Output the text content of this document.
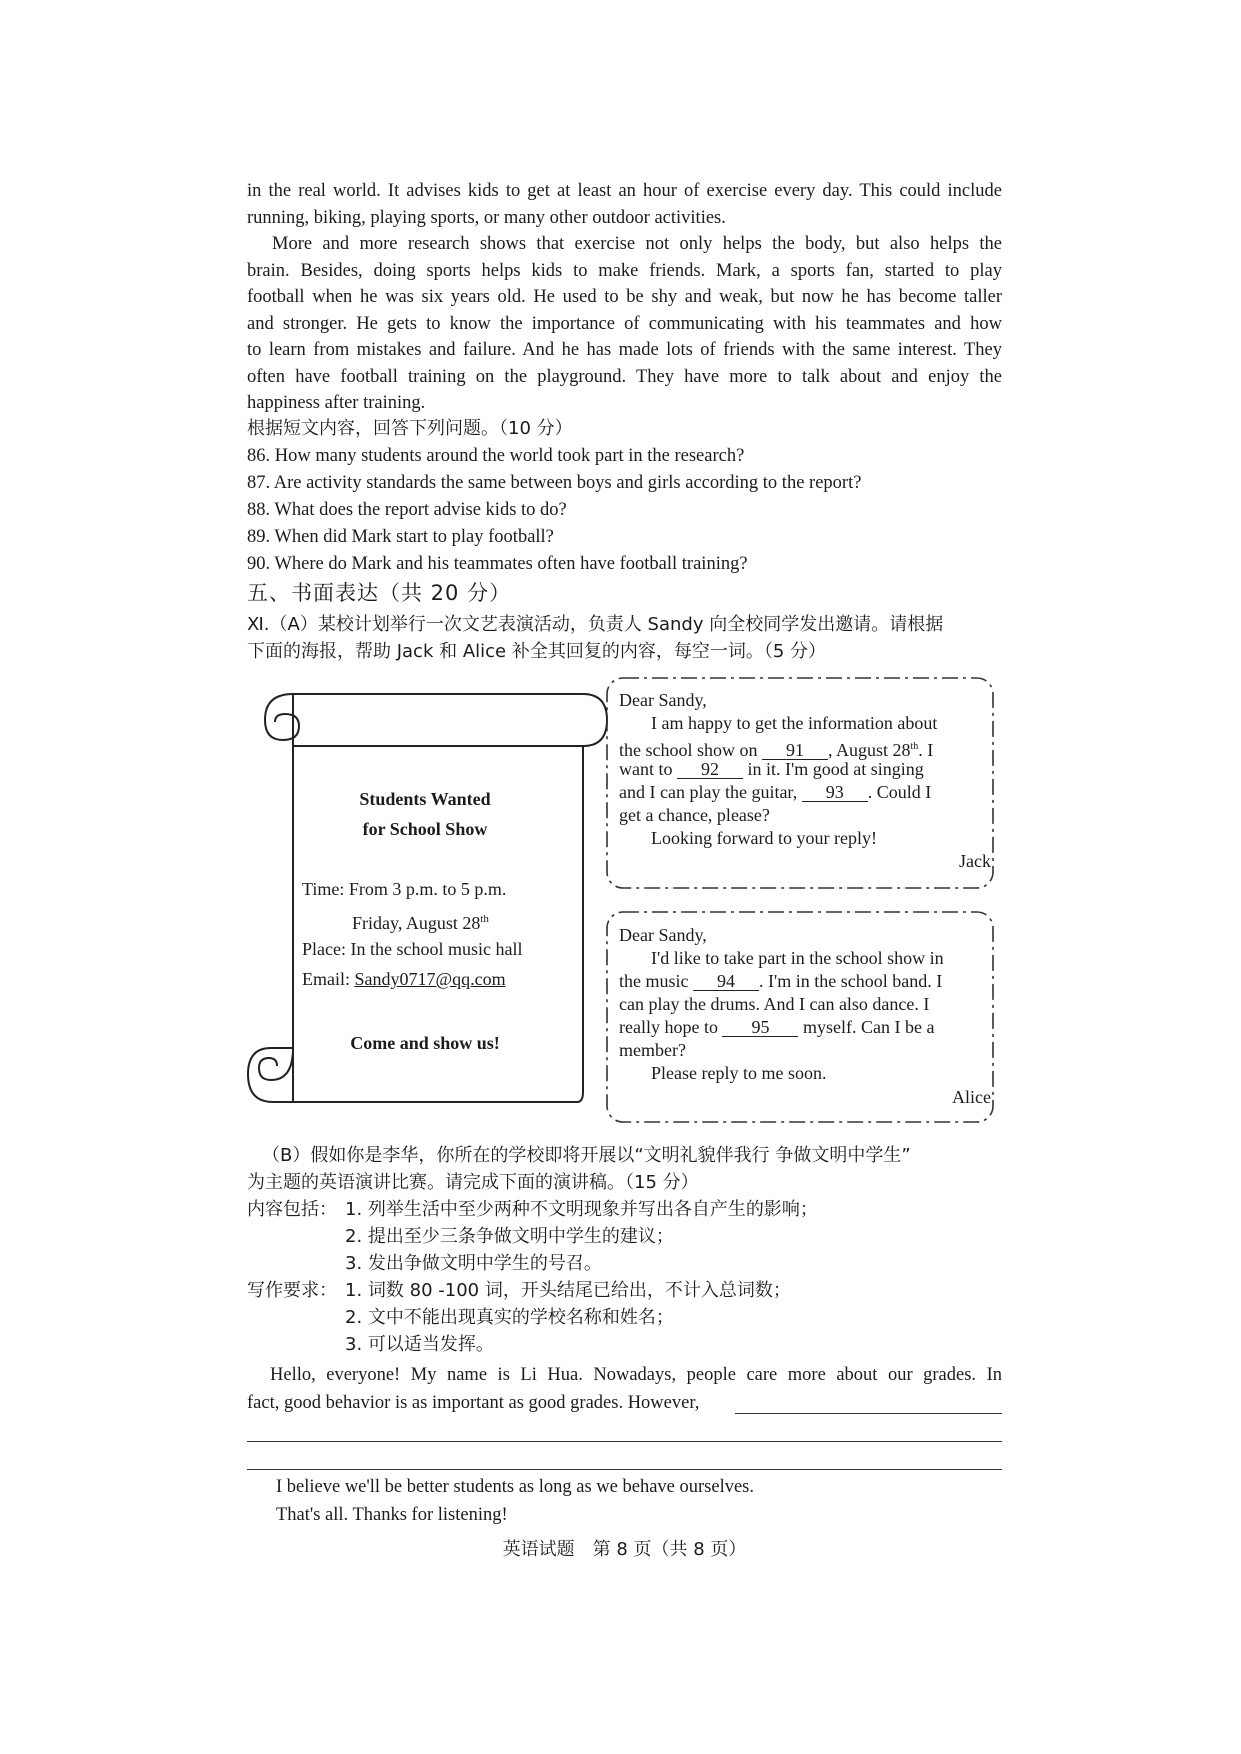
in the real world. It advises kids to get at least an hour of exercise every day. This could include
running, biking, playing sports, or many other outdoor activities.
More and more research shows that exercise not only helps the body, but also helps the
brain. Besides, doing sports helps kids to make friends. Mark, a sports fan, started to play
football when he was six years old. He used to be shy and weak, but now he has become taller
and stronger. He gets to know the importance of communicating with his teammates and how
to learn from mistakes and failure. And he has made lots of friends with the same interest. They
often have football training on the playground. They have more to talk about and enjoy the
happiness after training.
根据短文内容，回答下列问题。（10 分）
86. How many students around the world took part in the research?
87. Are activity standards the same between boys and girls according to the report?
88. What does the report advise kids to do?
89. When did Mark start to play football?
90. Where do Mark and his teammates often have football training?
五、书面表达（共 20 分）
Ⅺ.（A）某校计划举行一次文艺表演活动，负责人 Sandy 向全校同学发出邀请。请根据
下面的海报，帮助 Jack 和 Alice 补全其回复的内容，每空一词。（5 分）
Students Wanted
for School Show
Time: From 3 p.m. to 5 p.m.
Friday, August 28th
Place: In the school music hall
Email: Sandy0717@qq.com
Come and show us!
Dear Sandy,
I am happy to get the information about
the school show on 91 , August 28th. I
want to 92 in it. I'm good at singing
and I can play the guitar, 93 . Could I
get a chance, please?
Looking forward to your reply!
Jack
Dear Sandy,
I'd like to take part in the school show in
the music 94 . I'm in the school band. I
can play the drums. And I can also dance. I
really hope to 95 myself. Can I be a
member?
Please reply to me soon.
Alice
（B）假如你是李华，你所在的学校即将开展以“文明礼貌伴我行 争做文明中学生”
为主题的英语演讲比赛。请完成下面的演讲稿。（15 分）
内容包括： 1. 列举生活中至少两种不文明现象并写出各自产生的影响；
2. 提出至少三条争做文明中学生的建议；
3. 发出争做文明中学生的号召。
写作要求： 1. 词数 80 -100 词，开头结尾已给出，不计入总词数；
2. 文中不能出现真实的学校名称和姓名；
3. 可以适当发挥。
Hello, everyone! My name is Li Hua. Nowadays, people care more about our grades. In
fact, good behavior is as important as good grades. However,
I believe we'll be better students as long as we behave ourselves.
That's all. Thanks for listening!
英语试题　第 8 页（共 8 页）
